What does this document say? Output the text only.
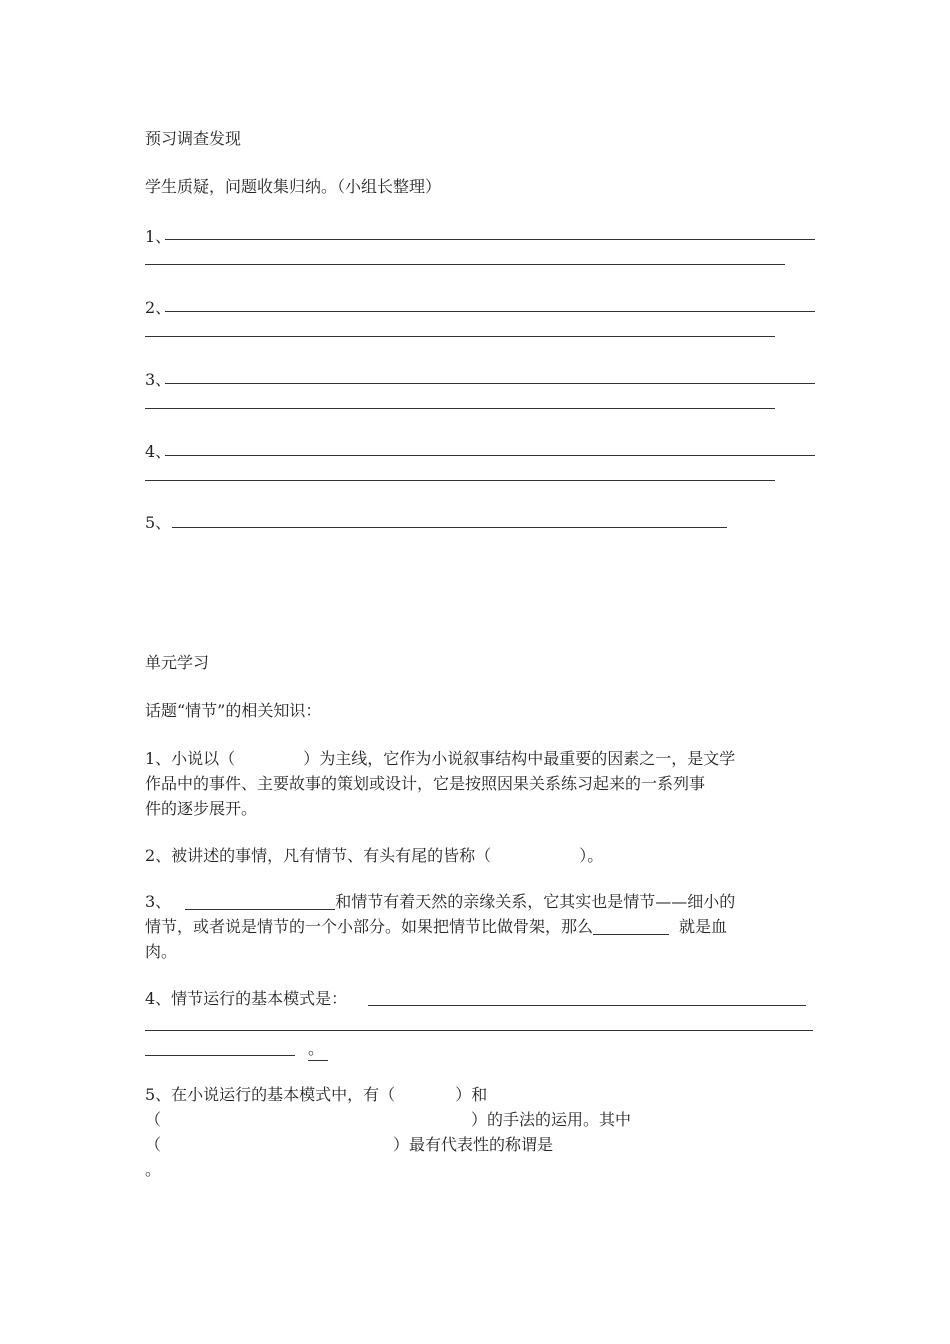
预习调查发现
学生质疑，问题收集归纳。（小组长整理）
1、
2、
3、
4、
5、
单元学习
话题“情节”的相关知识：
1、小说以（	）为主线，它作为小说叙事结构中最重要的因素之一，是文学
作品中的事件、主要故事的策划或设计，它是按照因果关系练习起来的一系列事
件的逐步展开。
2、被讲述的事情，凡有情节、有头有尾的皆称（	）。
3、	和情节有着天然的亲缘关系，它其实也是情节——细小的
情节，或者说是情节的一个小部分。如果把情节比做骨架，那么	就是血
肉。
4、情节运行的基本模式是：
。
5、在小说运行的基本模式中，有（	）和
（	）的手法的运用。其中
（	）最有代表性的称谓是
。
